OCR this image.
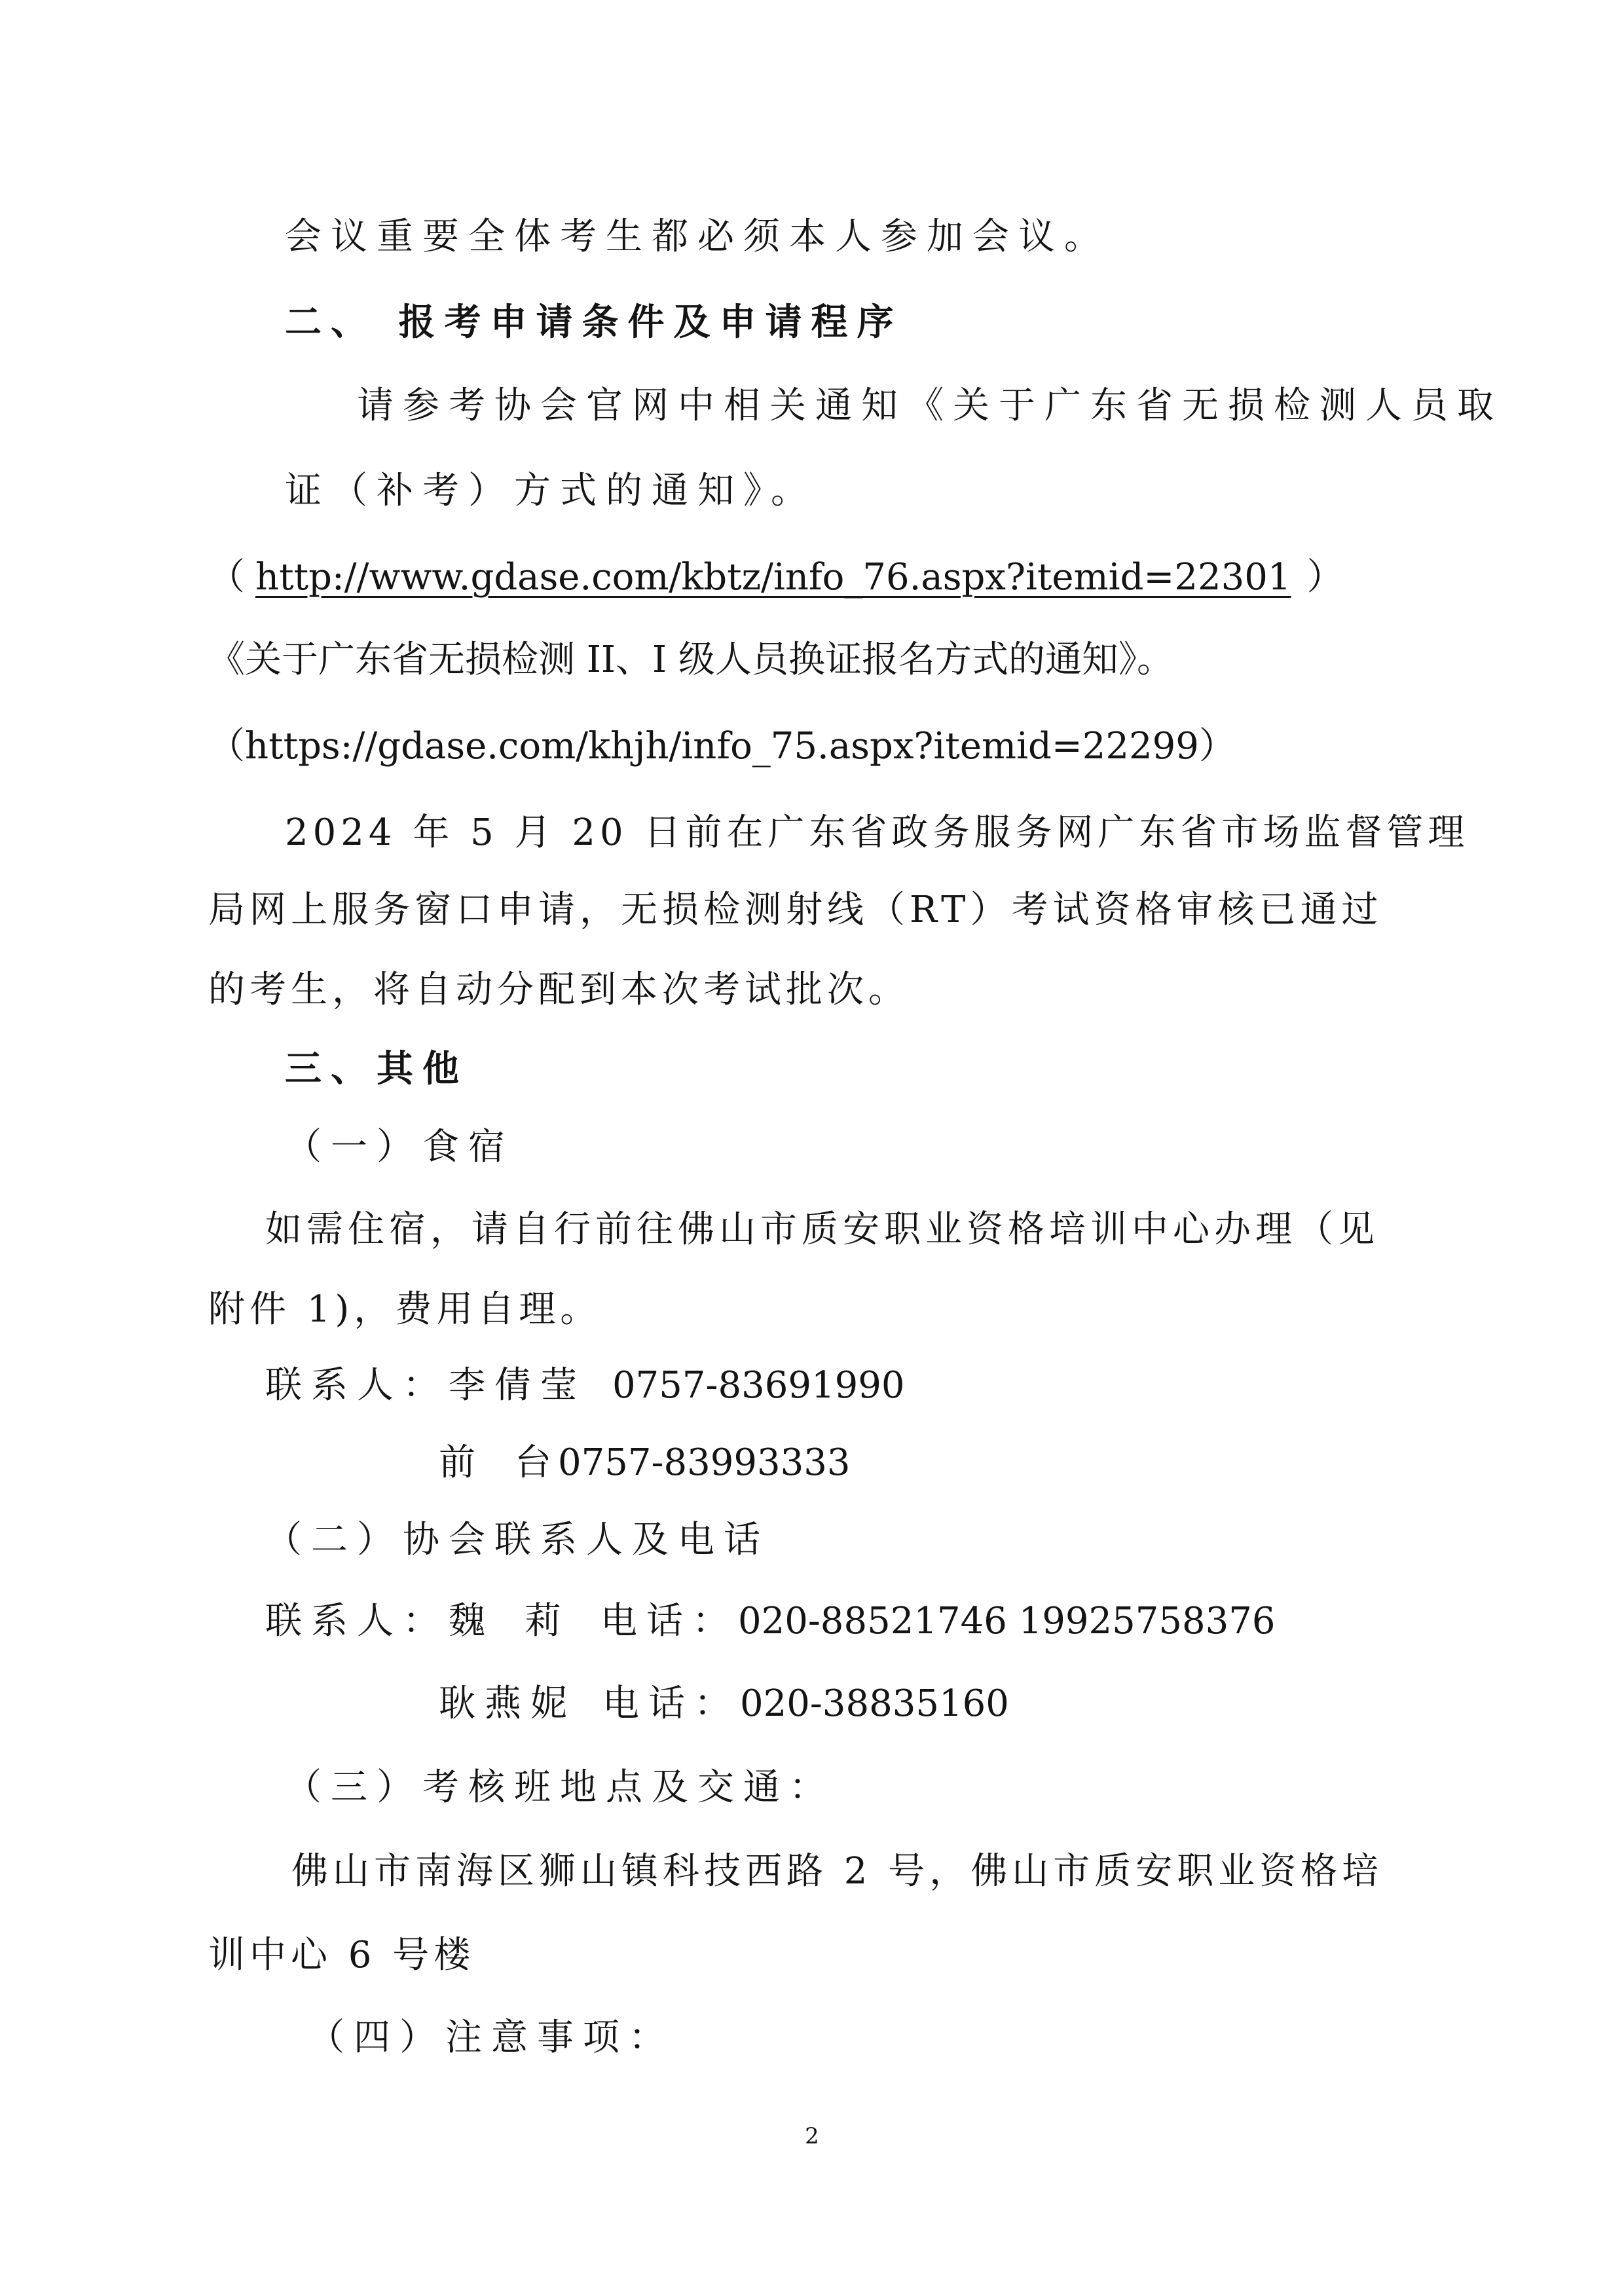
会议重要全体考生都必须本人参加会议。
二、 报考申请条件及申请程序
请参考协会官网中相关通知《关于广东省无损检测人员取
证（补考）方式的通知》。
（ http://www.gdase.com/kbtz/info_76.aspx?itemid=22301 ）
《关于广东省无损检测 II、I 级人员换证报名方式的通知》。
（https://gdase.com/khjh/info_75.aspx?itemid=22299）
2024 年 5 月 20 日前在广东省政务服务网广东省市场监督管理
局网上服务窗口申请，无损检测射线（RT）考试资格审核已通过
的考生，将自动分配到本次考试批次。
三、其他
（一）食宿
如需住宿，请自行前往佛山市质安职业资格培训中心办理（见
附件 1)，费用自理。
联系人：李倩莹 0757-83691990
前 台 0757-83993333
（二）协会联系人及电话
联系人：魏 莉 电话：020-88521746 19925758376
耿燕妮 电话：020-38835160
（三）考核班地点及交通：
佛山市南海区狮山镇科技西路 2 号，佛山市质安职业资格培
训中心 6 号楼
（四）注意事项：
2
